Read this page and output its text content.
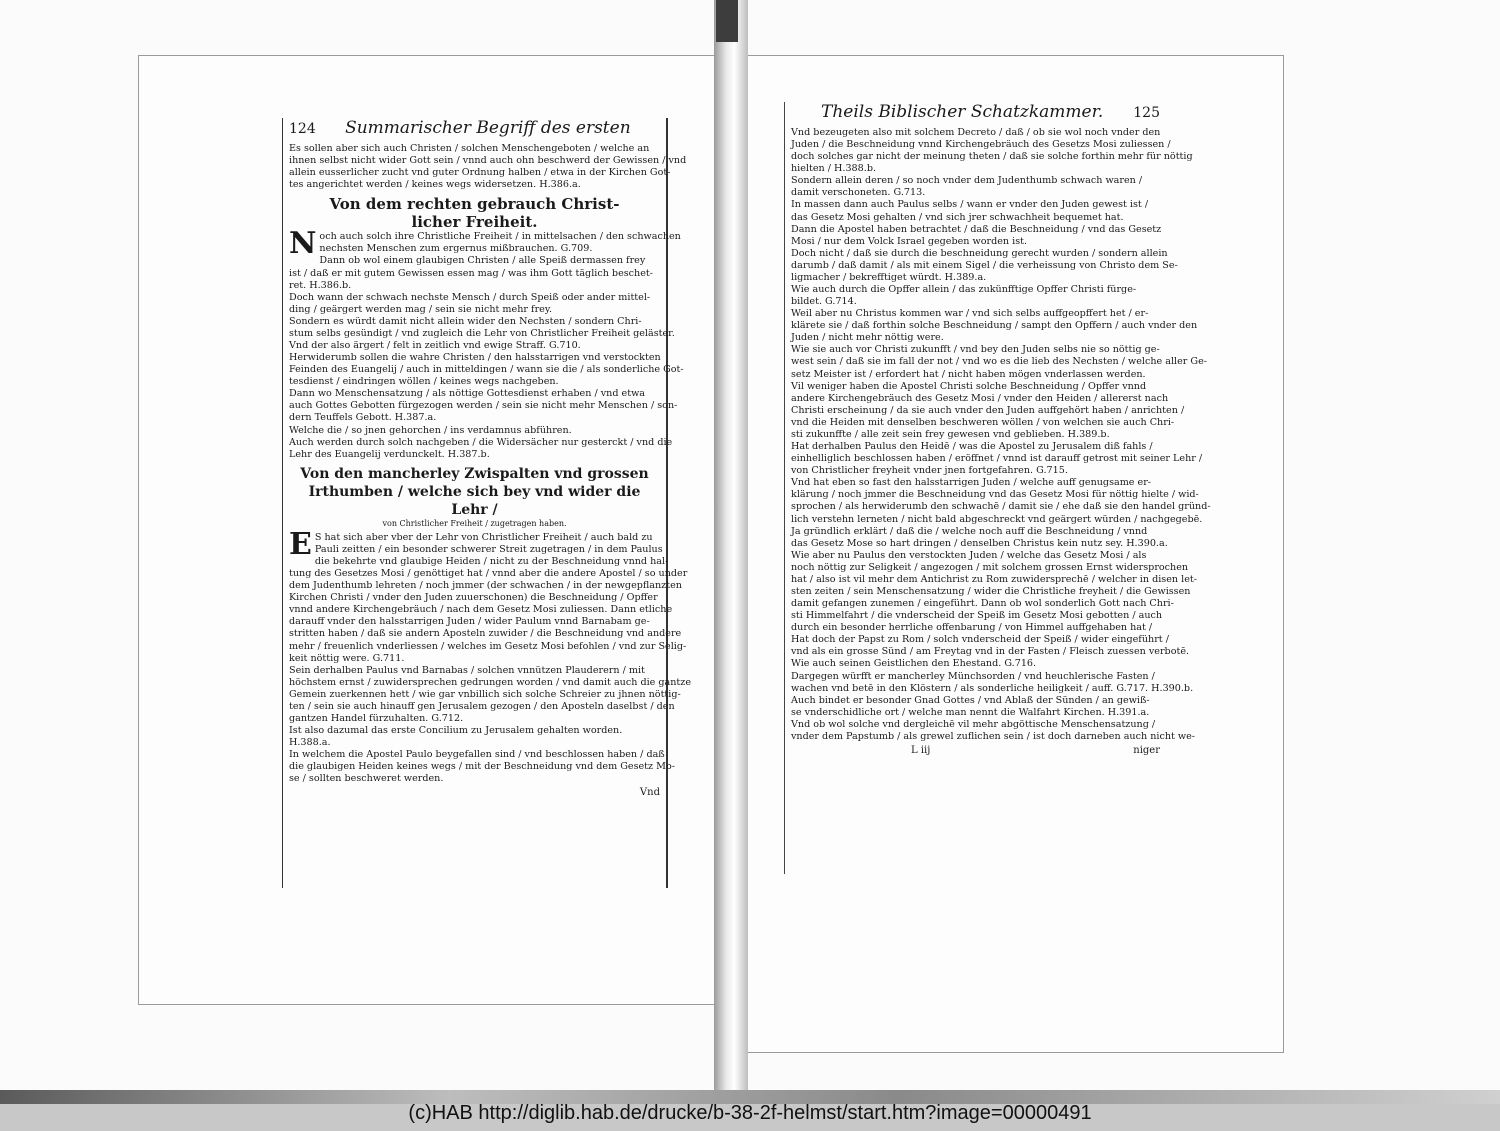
124 Summarischer Begriff des ersten
Es sollen aber sich auch Christen / solchen Menschengeboten / welche an
ihnen selbst nicht wider Gott sein / vnnd auch ohn beschwerd der Gewissen / vnd
allein eusserlicher zucht vnd guter Ordnung halben / etwa in der Kirchen Got-
tes angerichtet werden / keines wegs widersetzen. H.386.a.
Von dem rechten gebrauch Christ-
licher Freiheit.
N och auch solch ihre Christliche Freiheit / in mittelsachen / den schwachen
nechsten Menschen zum ergernus mißbrauchen. G.709.
Dann ob wol einem glaubigen Christen / alle Speiß dermassen frey
ist / daß er mit gutem Gewissen essen mag / was ihm Gott täglich beschet-
ret. H.386.b.
Doch wann der schwach nechste Mensch / durch Speiß oder ander mittel-
ding / geärgert werden mag / sein sie nicht mehr frey.
Sondern es würdt damit nicht allein wider den Nechsten / sondern Chri-
stum selbs gesündigt / vnd zugleich die Lehr von Christlicher Freiheit geläster.
Vnd der also ärgert / felt in zeitlich vnd ewige Straff. G.710.
Herwiderumb sollen die wahre Christen / den halsstarrigen vnd verstockten
Feinden des Euangelij / auch in mitteldingen / wann sie die / als sonderliche Got-
tesdienst / eindringen wöllen / keines wegs nachgeben.
Dann wo Menschensatzung / als nöttige Gottesdienst erhaben / vnd etwa
auch Gottes Gebotten fürgezogen werden / sein sie nicht mehr Menschen / son-
dern Teuffels Gebott. H.387.a.
Welche die / so jnen gehorchen / ins verdamnus abführen.
Auch werden durch solch nachgeben / die Widersächer nur gesterckt / vnd die
Lehr des Euangelij verdunckelt. H.387.b.
Von den mancherley Zwispalten vnd grossen
Irthumben / welche sich bey vnd wider die Lehr /
von Christlicher Freiheit / zugetragen haben.
E S hat sich aber vber der Lehr von Christlicher Freiheit / auch bald zu
Pauli zeitten / ein besonder schwerer Streit zugetragen / in dem Paulus
die bekehrte vnd glaubige Heiden / nicht zu der Beschneidung vnnd hal-
tung des Gesetzes Mosi / genöttiget hat / vnnd aber die andere Apostel / so under
dem Judenthumb lehreten / noch jmmer (der schwachen / in der newgepflanzten
Kirchen Christi / vnder den Juden zuuerschonen) die Beschneidung / Opffer
vnnd andere Kirchengebräuch / nach dem Gesetz Mosi zuliessen. Dann etliche
darauff vnder den halsstarrigen Juden / wider Paulum vnnd Barnabam ge-
stritten haben / daß sie andern Aposteln zuwider / die Beschneidung vnd andere
mehr / freuenlich vnderliessen / welches im Gesetz Mosi befohlen / vnd zur Selig-
keit nöttig were. G.711.
Sein derhalben Paulus vnd Barnabas / solchen vnnützen Plauderern / mit
höchstem ernst / zuwidersprechen gedrungen worden / vnd damit auch die gantze
Gemein zuerkennen hett / wie gar vnbillich sich solche Schreier zu jhnen nöttig-
ten / sein sie auch hinauff gen Jerusalem gezogen / den Aposteln daselbst / den
gantzen Handel fürzuhalten. G.712.
Ist also dazumal das erste Concilium zu Jerusalem gehalten worden.
H.388.a.
In welchem die Apostel Paulo beygefallen sind / vnd beschlossen haben / daß
die glaubigen Heiden keines wegs / mit der Beschneidung vnd dem Gesetz Mo-
se / sollten beschweret werden.
Vnd
Theils Biblischer Schatzkammer. 125
Vnd bezeugeten also mit solchem Decreto / daß / ob sie wol noch vnder den
Juden / die Beschneidung vnnd Kirchengebräuch des Gesetzs Mosi zuliessen /
doch solches gar nicht der meinung theten / daß sie solche forthin mehr für nöttig
hielten / H.388.b.
Sondern allein deren / so noch vnder dem Judenthumb schwach waren /
damit verschoneten. G.713.
In massen dann auch Paulus selbs / wann er vnder den Juden gewest ist /
das Gesetz Mosi gehalten / vnd sich jrer schwachheit bequemet hat.
Dann die Apostel haben betrachtet / daß die Beschneidung / vnd das Gesetz
Mosi / nur dem Volck Israel gegeben worden ist.
Doch nicht / daß sie durch die beschneidung gerecht wurden / sondern allein
darumb / daß damit / als mit einem Sigel / die verheissung von Christo dem Se-
ligmacher / bekrefftiget würdt. H.389.a.
Wie auch durch die Opffer allein / das zukünfftige Opffer Christi fürge-
bildet. G.714.
Weil aber nu Christus kommen war / vnd sich selbs auffgeopffert het / er-
klärete sie / daß forthin solche Beschneidung / sampt den Opffern / auch vnder den
Juden / nicht mehr nöttig were.
Wie sie auch vor Christi zukunfft / vnd bey den Juden selbs nie so nöttig ge-
west sein / daß sie im fall der not / vnd wo es die lieb des Nechsten / welche aller Ge-
setz Meister ist / erfordert hat / nicht haben mögen vnderlassen werden.
Vil weniger haben die Apostel Christi solche Beschneidung / Opffer vnnd
andere Kirchengebräuch des Gesetz Mosi / vnder den Heiden / allererst nach
Christi erscheinung / da sie auch vnder den Juden auffgehört haben / anrichten /
vnd die Heiden mit denselben beschweren wöllen / von welchen sie auch Chri-
sti zukunffte / alle zeit sein frey gewesen vnd geblieben. H.389.b.
Hat derhalben Paulus den Heidē / was die Apostel zu Jerusalem diß fahls /
einhelliglich beschlossen haben / eröffnet / vnnd ist darauff getrost mit seiner Lehr /
von Christlicher freyheit vnder jnen fortgefahren. G.715.
Vnd hat eben so fast den halsstarrigen Juden / welche auff genugsame er-
klärung / noch jmmer die Beschneidung vnd das Gesetz Mosi für nöttig hielte / wid-
sprochen / als herwiderumb den schwachē / damit sie / ehe daß sie den handel gründ-
lich verstehn lerneten / nicht bald abgeschreckt vnd geärgert würden / nachgegebē.
Ja gründlich erklärt / daß die / welche noch auff die Beschneidung / vnnd
das Gesetz Mose so hart dringen / denselben Christus kein nutz sey. H.390.a.
Wie aber nu Paulus den verstockten Juden / welche das Gesetz Mosi / als
noch nöttig zur Seligkeit / angezogen / mit solchem grossen Ernst widersprochen
hat / also ist vil mehr dem Antichrist zu Rom zuwidersprechē / welcher in disen let-
sten zeiten / sein Menschensatzung / wider die Christliche freyheit / die Gewissen
damit gefangen zunemen / eingeführt. Dann ob wol sonderlich Gott nach Chri-
sti Himmelfahrt / die vnderscheid der Speiß im Gesetz Mosi gebotten / auch
durch ein besonder herrliche offenbarung / von Himmel auffgehaben hat /
Hat doch der Papst zu Rom / solch vnderscheid der Speiß / wider eingeführt /
vnd als ein grosse Sünd / am Freytag vnd in der Fasten / Fleisch zuessen verbotē.
Wie auch seinen Geistlichen den Ehestand. G.716.
Dargegen würfft er mancherley Münchsorden / vnd heuchlerische Fasten /
wachen vnd betē in den Klöstern / als sonderliche heiligkeit / auff. G.717. H.390.b.
Auch bindet er besonder Gnad Gottes / vnd Ablaß der Sünden / an gewiß-
se vnderschidliche ort / welche man nennt die Walfahrt Kirchen. H.391.a.
Vnd ob wol solche vnd dergleichē vil mehr abgöttische Menschensatzung /
vnder dem Papstumb / als grewel zuflichen sein / ist doch darneben auch nicht we-
L iij	niger
(c)HAB http://diglib.hab.de/drucke/b-38-2f-helmst/start.htm?image=00000491
